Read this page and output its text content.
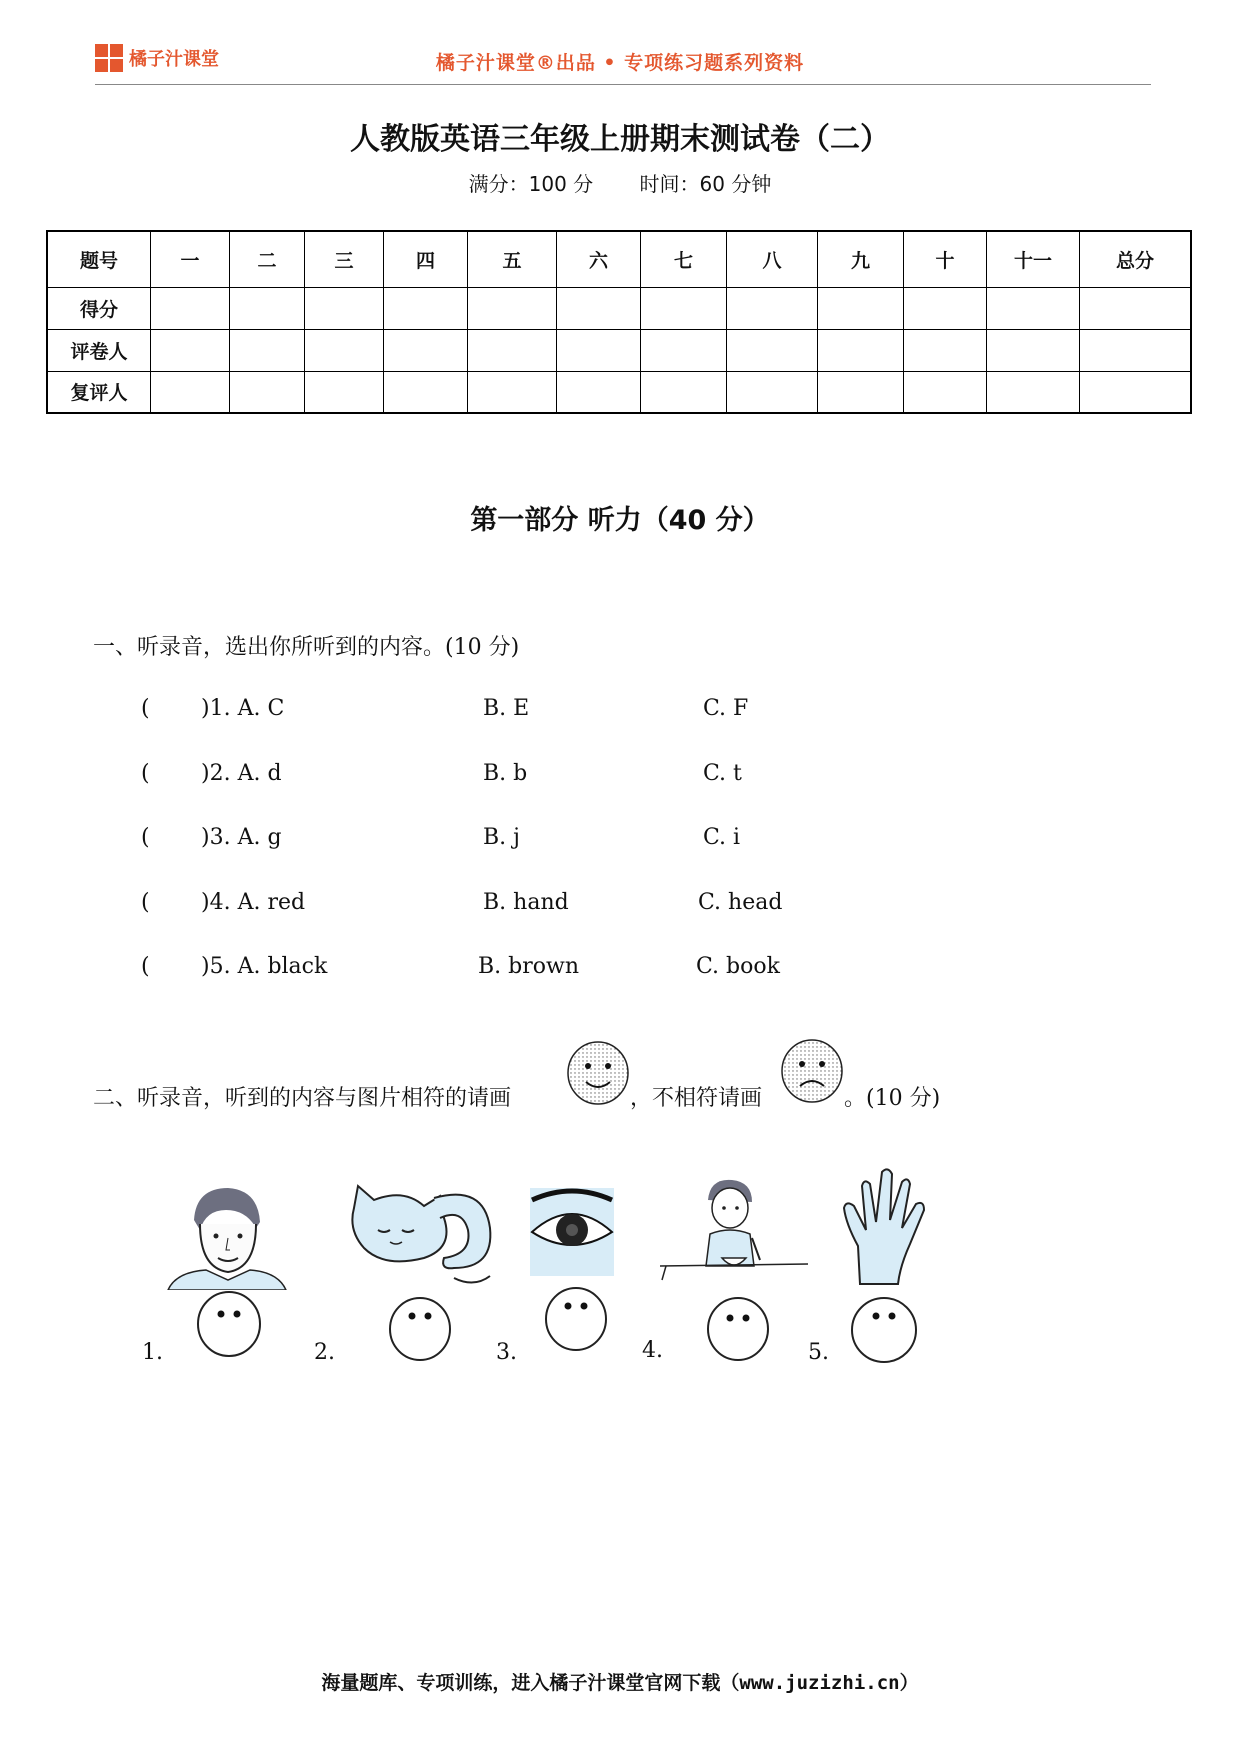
橘子汁课堂	橘子汁课堂®出品 • 专项练习题系列资料
人教版英语三年级上册期末测试卷（二）
满分：100 分 时间：60 分钟
题号	一	二	三	四	五	六	七	八	九	十	十一	总分
得分												
评卷人												
复评人												
第一部分 听力（40 分）
一、听录音，选出你所听到的内容。(10 分)
( )1. A. C	B. E	C. F
( )2. A. d	B. b	C. t
( )3. A. g	B. j	C. i
( )4. A. red	B. hand	C. head
( )5. A. black	B. brown	C. book
二、听录音，听到的内容与图片相符的请画	，不相符请画	。(10 分)
1.	2.	3.	4.	5.
海量题库、专项训练，进入橘子汁课堂官网下载（www.juzizhi.cn）
